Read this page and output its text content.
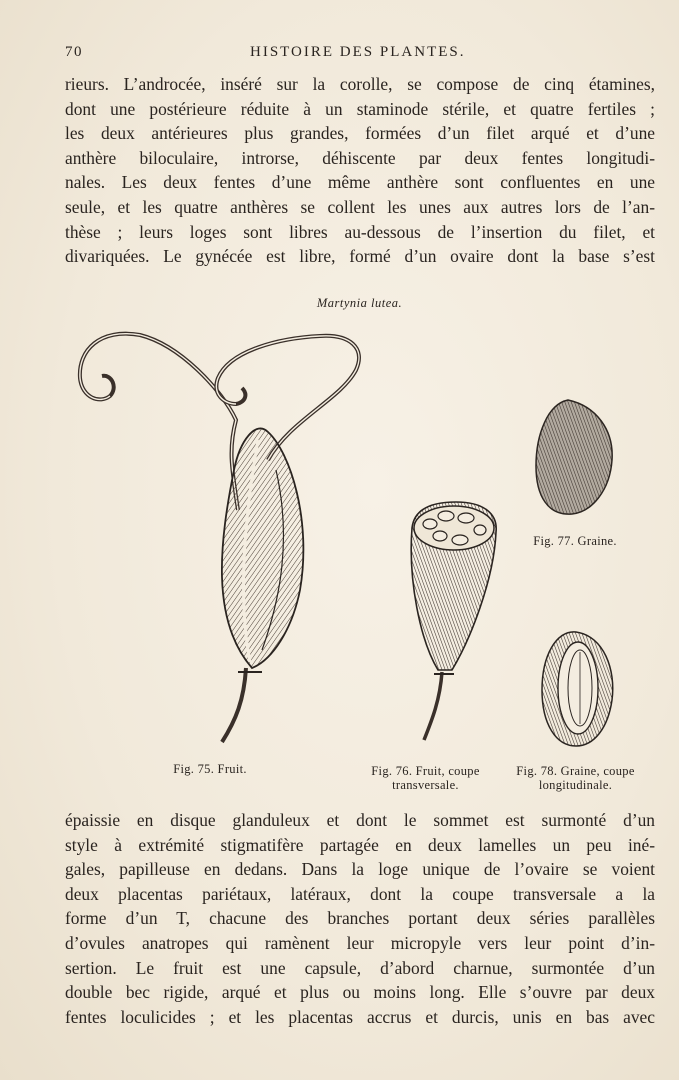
70	HISTOIRE DES PLANTES.
rieurs. L’androcée, inséré sur la corolle, se compose de cinq étamines,
dont une postérieure réduite à un staminode stérile, et quatre fertiles ;
les deux antérieures plus grandes, formées d’un filet arqué et d’une
anthère biloculaire, introrse, déhiscente par deux fentes longitudi-
nales. Les deux fentes d’une même anthère sont confluentes en une
seule, et les quatre anthères se collent les unes aux autres lors de l’an-
thèse ; leurs loges sont libres au-dessous de l’insertion du filet, et
divariquées. Le gynécée est libre, formé d’un ovaire dont la base s’est
Martynia lutea.
Fig. 75. Fruit.	Fig. 76. Fruit, coupe
transversale.
Fig. 77. Graine.
Fig. 78. Graine, coupe
longitudinale.
épaissie en disque glanduleux et dont le sommet est surmonté d’un
style à extrémité stigmatifère partagée en deux lamelles un peu iné-
gales, papilleuse en dedans. Dans la loge unique de l’ovaire se voient
deux placentas pariétaux, latéraux, dont la coupe transversale a la
forme d’un T, chacune des branches portant deux séries parallèles
d’ovules anatropes qui ramènent leur micropyle vers leur point d’in-
sertion. Le fruit est une capsule, d’abord charnue, surmontée d’un
double bec rigide, arqué et plus ou moins long. Elle s’ouvre par deux
fentes loculicides ; et les placentas accrus et durcis, unis en bas avec
